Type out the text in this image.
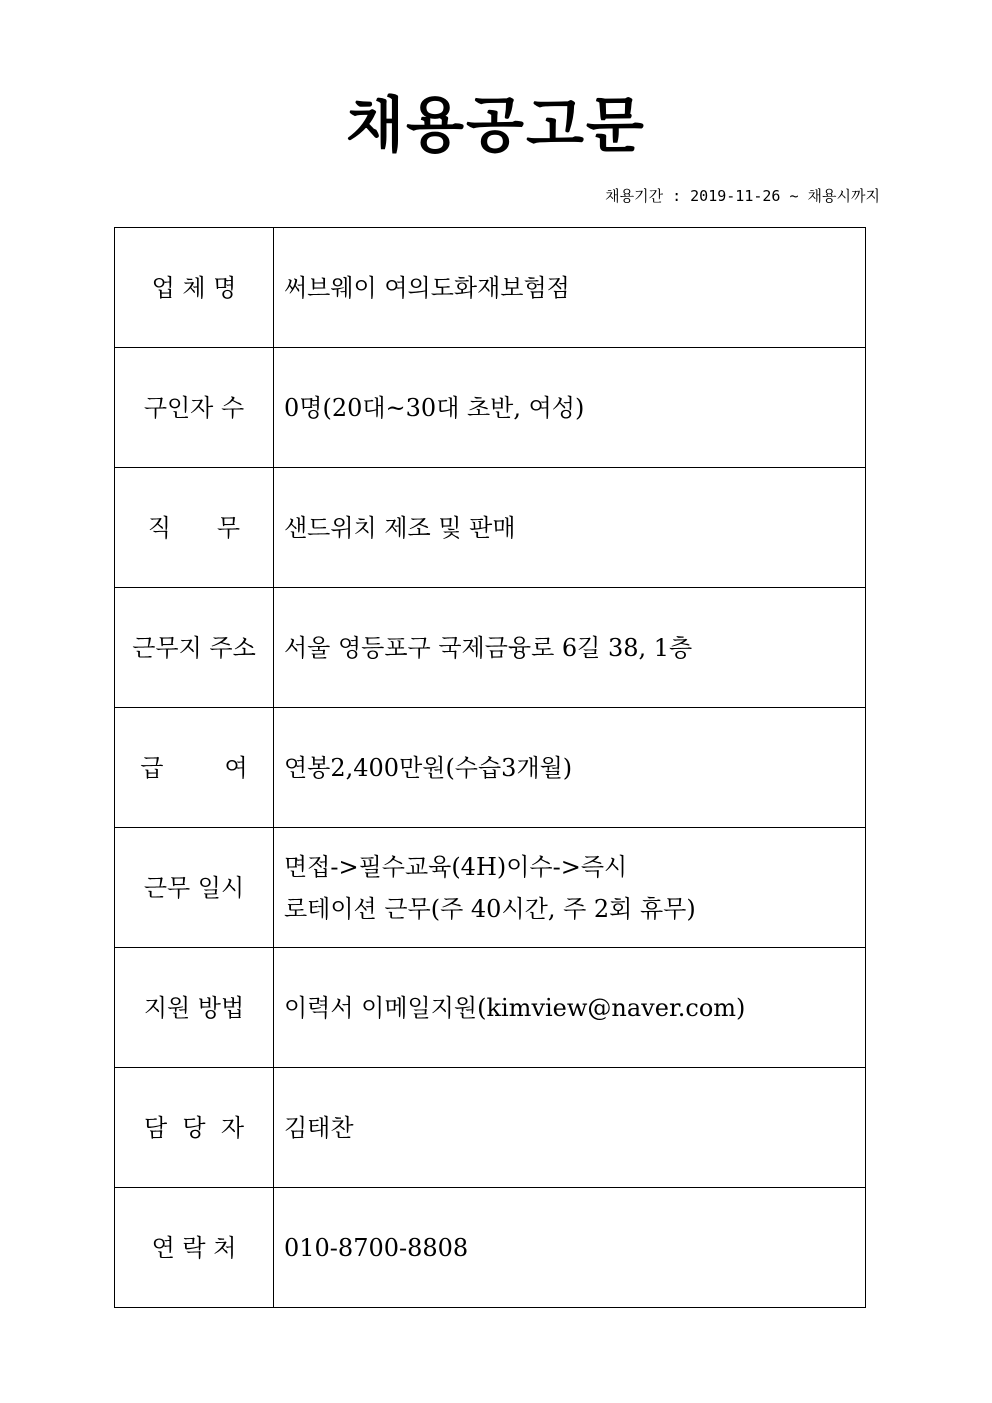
채용공고문
채용기간 : 2019-11-26 ~ 채용시까지
업 체 명	써브웨이 여의도화재보험점
구인자 수	0명(20대~30대 초반, 여성)
직      무	샌드위치 제조 및 판매
근무지 주소	서울 영등포구 국제금융로 6길 38, 1층
급        여	연봉2,400만원(수습3개월)
근무 일시	면접->필수교육(4H)이수->즉시
로테이션 근무(주 40시간, 주 2회 휴무)

지원 방법	이력서 이메일지원(kimview@naver.com)
담  당  자	김태찬
연 락 처	010-8700-8808
